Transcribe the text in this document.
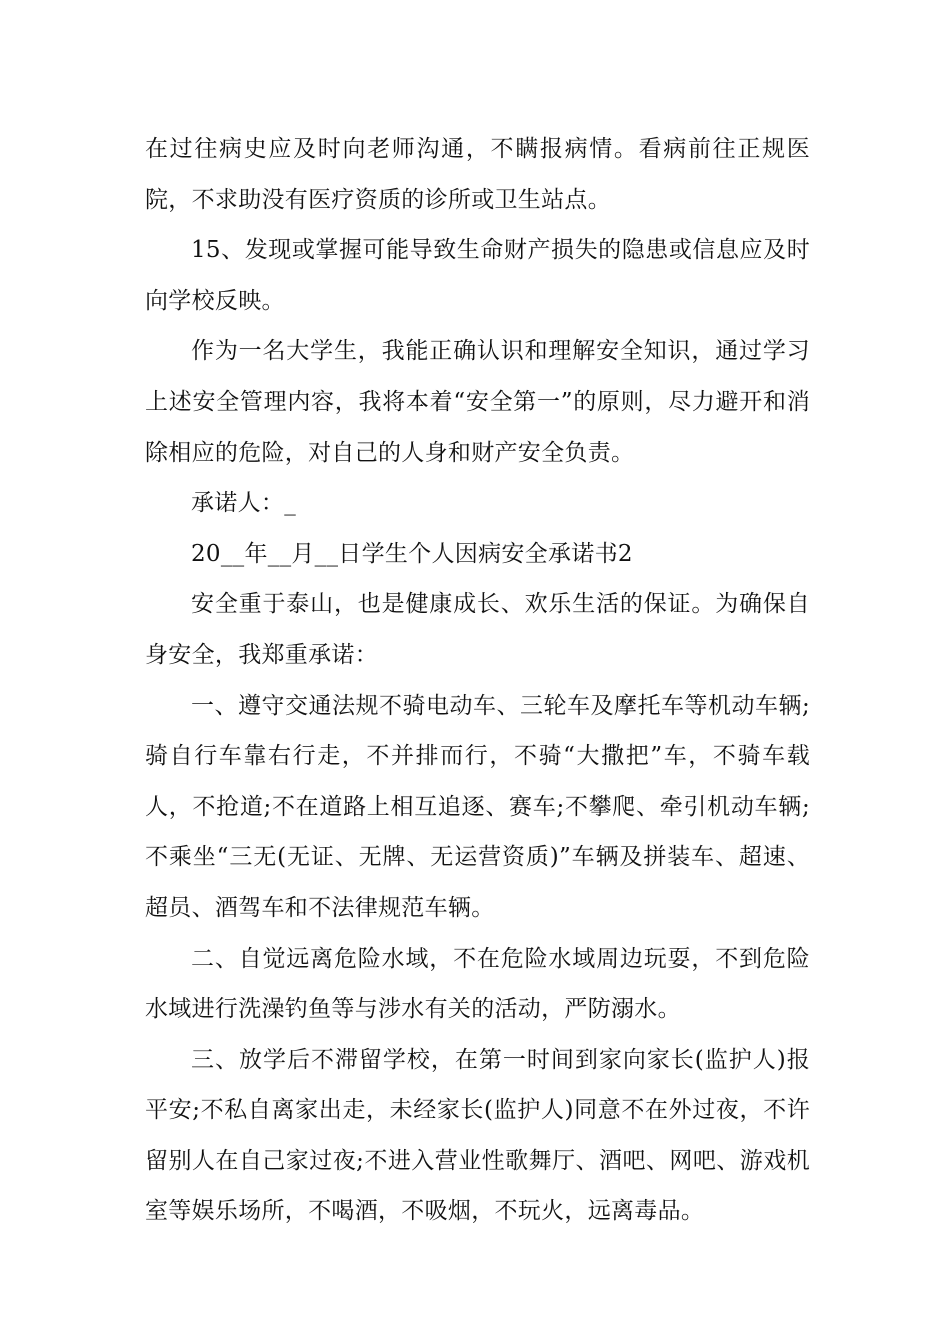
在过往病史应及时向老师沟通，不瞒报病情。看病前往正规医院，不求助没有医疗资质的诊所或卫生站点。

15、发现或掌握可能导致生命财产损失的隐患或信息应及时向学校反映。

作为一名大学生，我能正确认识和理解安全知识，通过学习上述安全管理内容，我将本着“安全第一”的原则，尽力避开和消除相应的危险，对自己的人身和财产安全负责。

承诺人：_

20__年__月__日学生个人因病安全承诺书2

安全重于泰山，也是健康成长、欢乐生活的保证。为确保自身安全，我郑重承诺：

一、遵守交通法规不骑电动车、三轮车及摩托车等机动车辆;骑自行车靠右行走，不并排而行，不骑“大撒把”车，不骑车载人，不抢道;不在道路上相互追逐、赛车;不攀爬、牵引机动车辆;不乘坐“三无(无证、无牌、无运营资质)”车辆及拼装车、超速、超员、酒驾车和不法律规范车辆。

二、自觉远离危险水域，不在危险水域周边玩耍，不到危险水域进行洗澡钓鱼等与涉水有关的活动，严防溺水。

三、放学后不滞留学校，在第一时间到家向家长(监护人)报平安;不私自离家出走，未经家长(监护人)同意不在外过夜，不许留别人在自己家过夜;不进入营业性歌舞厅、酒吧、网吧、游戏机室等娱乐场所，不喝酒，不吸烟，不玩火，远离毒品。
